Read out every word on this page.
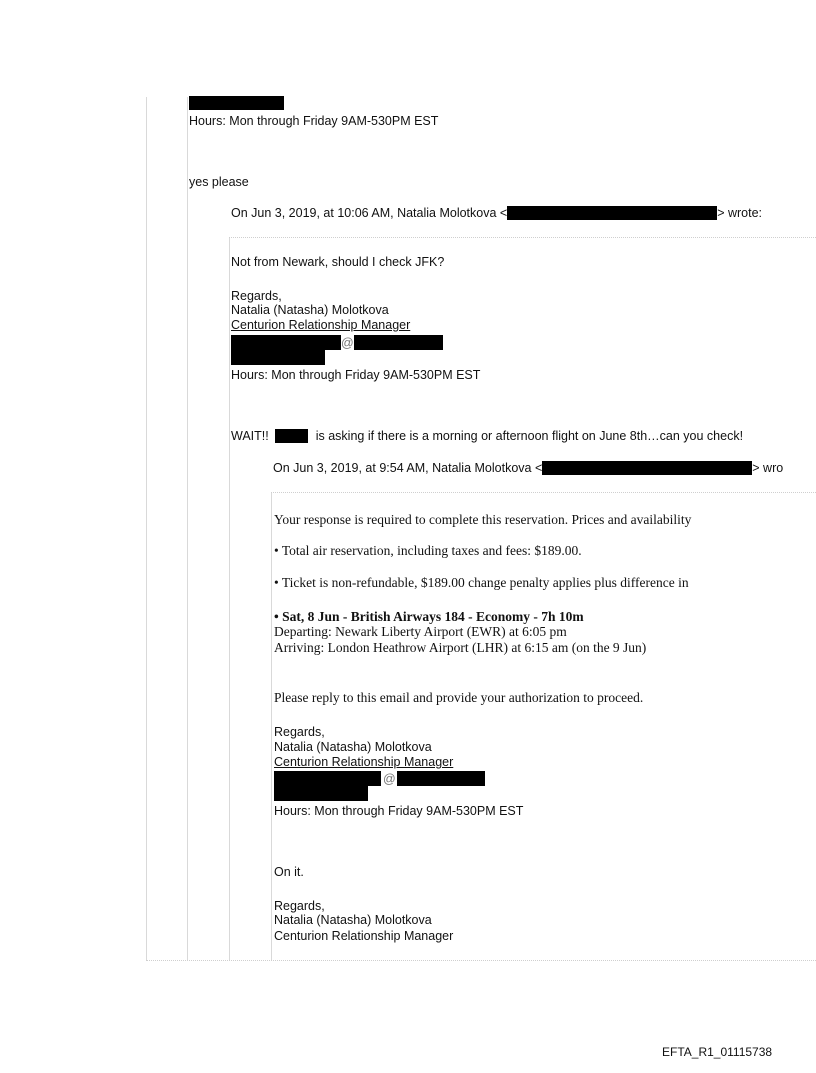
Hours: Mon through Friday 9AM-530PM EST
yes please
On Jun 3, 2019, at 10:06 AM, Natalia Molotkova <	> wrote:
Not from Newark, should I check JFK?
Regards,
Natalia (Natasha) Molotkova
Centurion Relationship Manager
@
Hours: Mon through Friday 9AM-530PM EST
WAIT!!	is asking if there is a morning or afternoon flight on June 8th…can you check!
On Jun 3, 2019, at 9:54 AM, Natalia Molotkova <	> wro
Your response is required to complete this reservation. Prices and availability
• Total air reservation, including taxes and fees: $189.00.
• Ticket is non-refundable, $189.00 change penalty applies plus difference in
• Sat, 8 Jun - British Airways 184 - Economy - 7h 10m
Departing: Newark Liberty Airport (EWR) at 6:05 pm
Arriving: London Heathrow Airport (LHR) at 6:15 am (on the 9 Jun)
Please reply to this email and provide your authorization to proceed.
Regards,
Natalia (Natasha) Molotkova
Centurion Relationship Manager
@
Hours: Mon through Friday 9AM-530PM EST
On it.
Regards,
Natalia (Natasha) Molotkova
Centurion Relationship Manager
EFTA_R1_01115738
